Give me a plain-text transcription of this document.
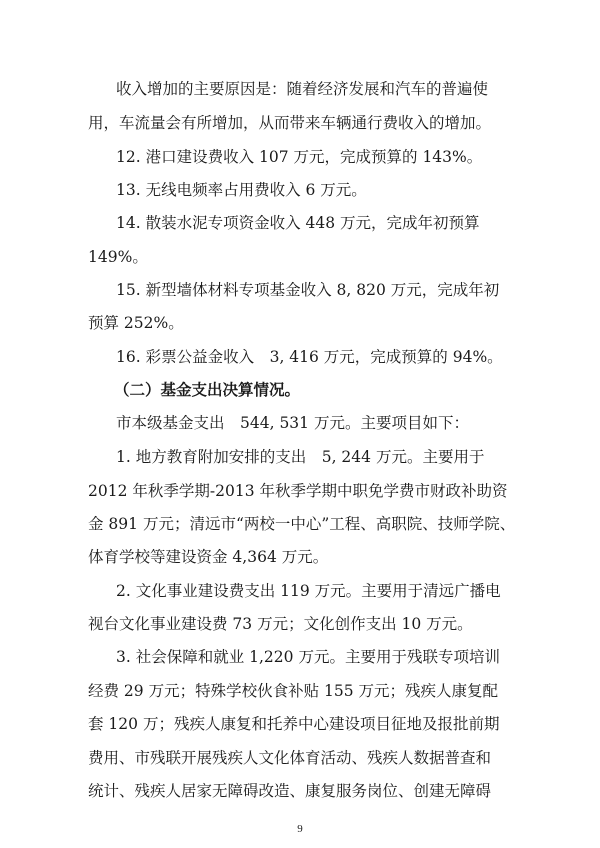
收入增加的主要原因是：随着经济发展和汽车的普遍使
用，车流量会有所增加，从而带来车辆通行费收入的增加。
12. 港口建设费收入 107 万元，完成预算的 143%。
13. 无线电频率占用费收入 6 万元。
14. 散装水泥专项资金收入 448 万元，完成年初预算
149%。
15. 新型墙体材料专项基金收入 8, 820 万元，完成年初
预算 252%。
16. 彩票公益金收入　3, 416 万元，完成预算的 94%。
（二）基金支出决算情况。
市本级基金支出　544, 531 万元。主要项目如下：
1. 地方教育附加安排的支出　5, 244 万元。主要用于
2012 年秋季学期-2013 年秋季学期中职免学费市财政补助资
金 891 万元；清远市“两校一中心”工程、高职院、技师学院、
体育学校等建设资金 4,364 万元。
2. 文化事业建设费支出 119 万元。主要用于清远广播电
视台文化事业建设费 73 万元；文化创作支出 10 万元。
3. 社会保障和就业 1,220 万元。主要用于残联专项培训
经费 29 万元；特殊学校伙食补贴 155 万元；残疾人康复配
套 120 万；残疾人康复和托养中心建设项目征地及报批前期
费用、市残联开展残疾人文化体育活动、残疾人数据普查和
统计、残疾人居家无障碍改造、康复服务岗位、创建无障碍
9
